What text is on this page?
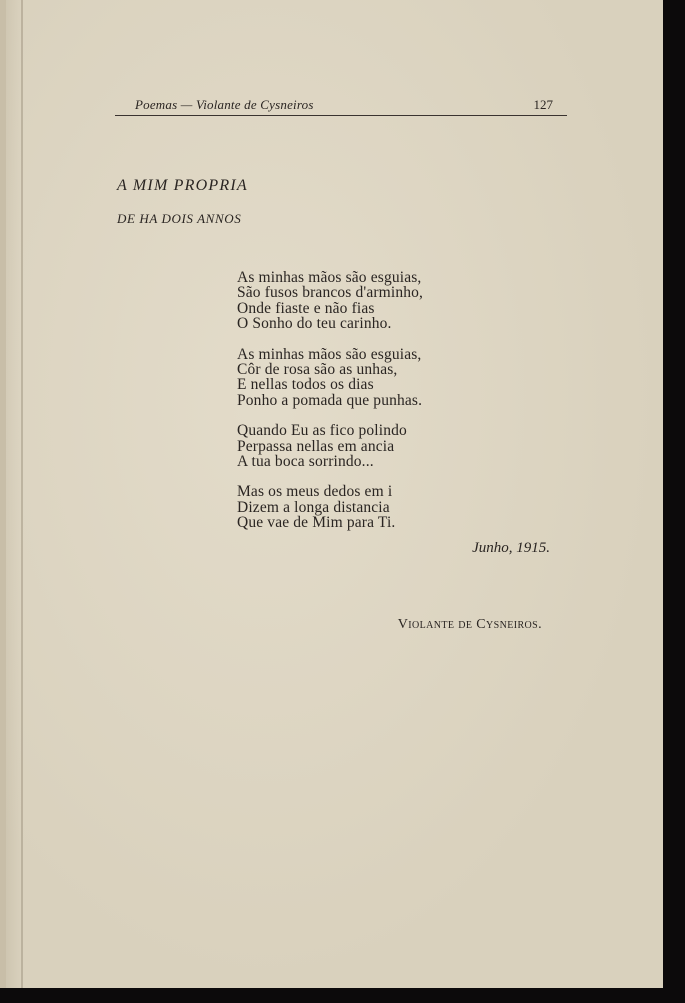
Poemas — Violante de Cysneiros	127
A MIM PROPRIA
DE HA DOIS ANNOS
As minhas mãos são esguias,
São fusos brancos d'arminho,
Onde fiaste e não fias
O Sonho do teu carinho.
As minhas mãos são esguias,
Côr de rosa são as unhas,
E nellas todos os dias
Ponho a pomada que punhas.
Quando Eu as fico polindo
Perpassa nellas em ancia
A tua boca sorrindo...
Mas os meus dedos em i
Dizem a longa distancia
Que vae de Mim para Ti.
Junho, 1915.
Violante de Cysneiros.
